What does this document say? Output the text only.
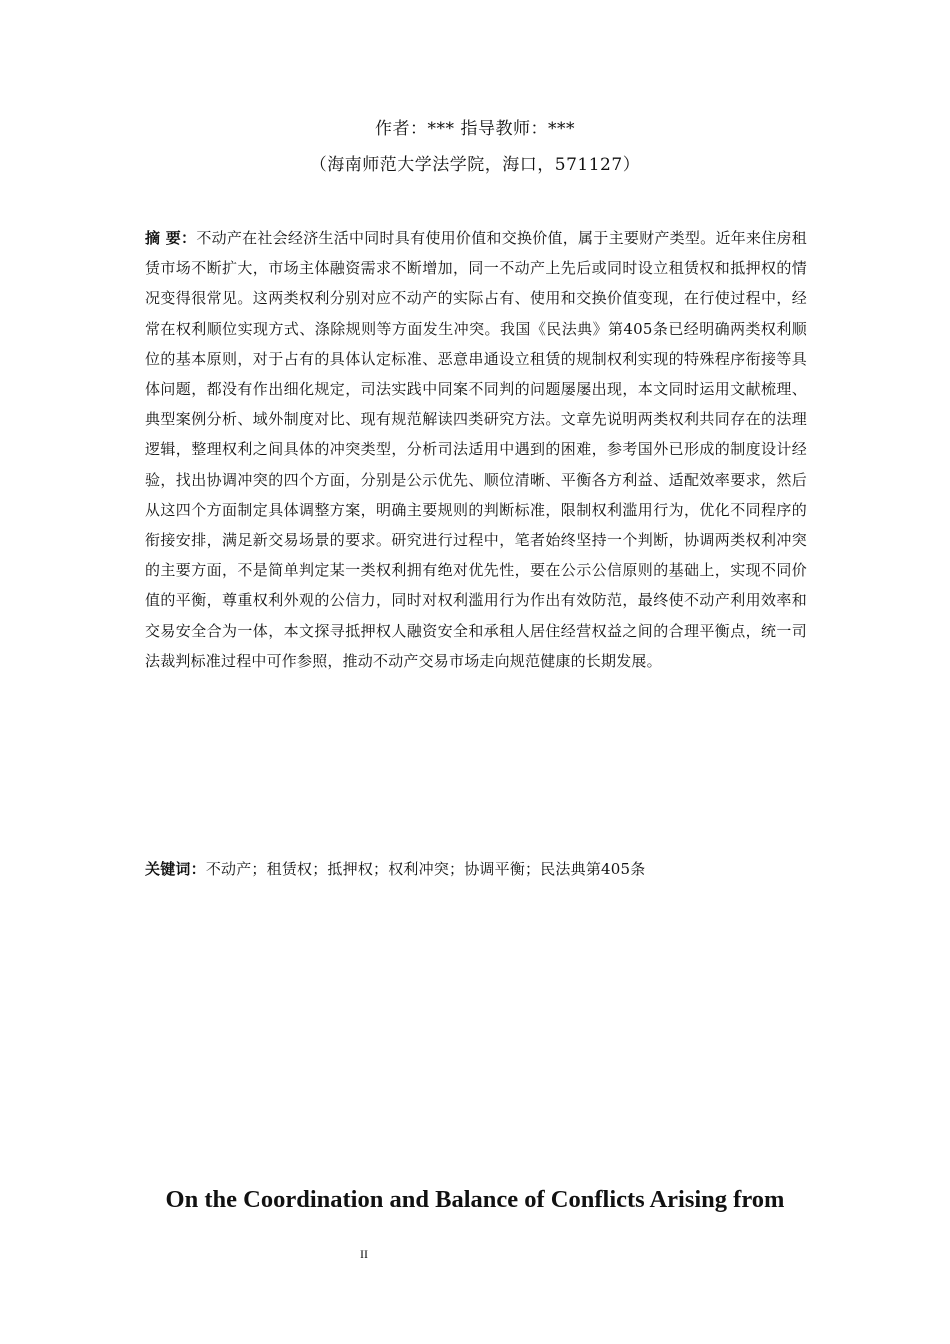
作者：*** 指导教师：***
（海南师范大学法学院，海口，571127）
摘 要：不动产在社会经济生活中同时具有使用价值和交换价值，属于主要财产类型。近年来住房租赁市场不断扩大，市场主体融资需求不断增加，同一不动产上先后或同时设立租赁权和抵押权的情况变得很常见。这两类权利分别对应不动产的实际占有、使用和交换价值变现，在行使过程中，经常在权利顺位实现方式、涤除规则等方面发生冲突。我国《民法典》第405条已经明确两类权利顺位的基本原则，对于占有的具体认定标准、恶意串通设立租赁的规制权利实现的特殊程序衔接等具体问题，都没有作出细化规定，司法实践中同案不同判的问题屡屡出现，本文同时运用文献梳理、典型案例分析、域外制度对比、现有规范解读四类研究方法。文章先说明两类权利共同存在的法理逻辑，整理权利之间具体的冲突类型，分析司法适用中遇到的困难，参考国外已形成的制度设计经验，找出协调冲突的四个方面，分别是公示优先、顺位清晰、平衡各方利益、适配效率要求，然后从这四个方面制定具体调整方案，明确主要规则的判断标准，限制权利滥用行为，优化不同程序的衔接安排，满足新交易场景的要求。研究进行过程中，笔者始终坚持一个判断，协调两类权利冲突的主要方面，不是简单判定某一类权利拥有绝对优先性，要在公示公信原则的基础上，实现不同价值的平衡，尊重权利外观的公信力，同时对权利滥用行为作出有效防范，最终使不动产利用效率和交易安全合为一体，本文探寻抵押权人融资安全和承租人居住经营权益之间的合理平衡点，统一司法裁判标准过程中可作参照，推动不动产交易市场走向规范健康的长期发展。
关键词：不动产；租赁权；抵押权；权利冲突；协调平衡；民法典第405条
On the Coordination and Balance of Conflicts Arising from
II
